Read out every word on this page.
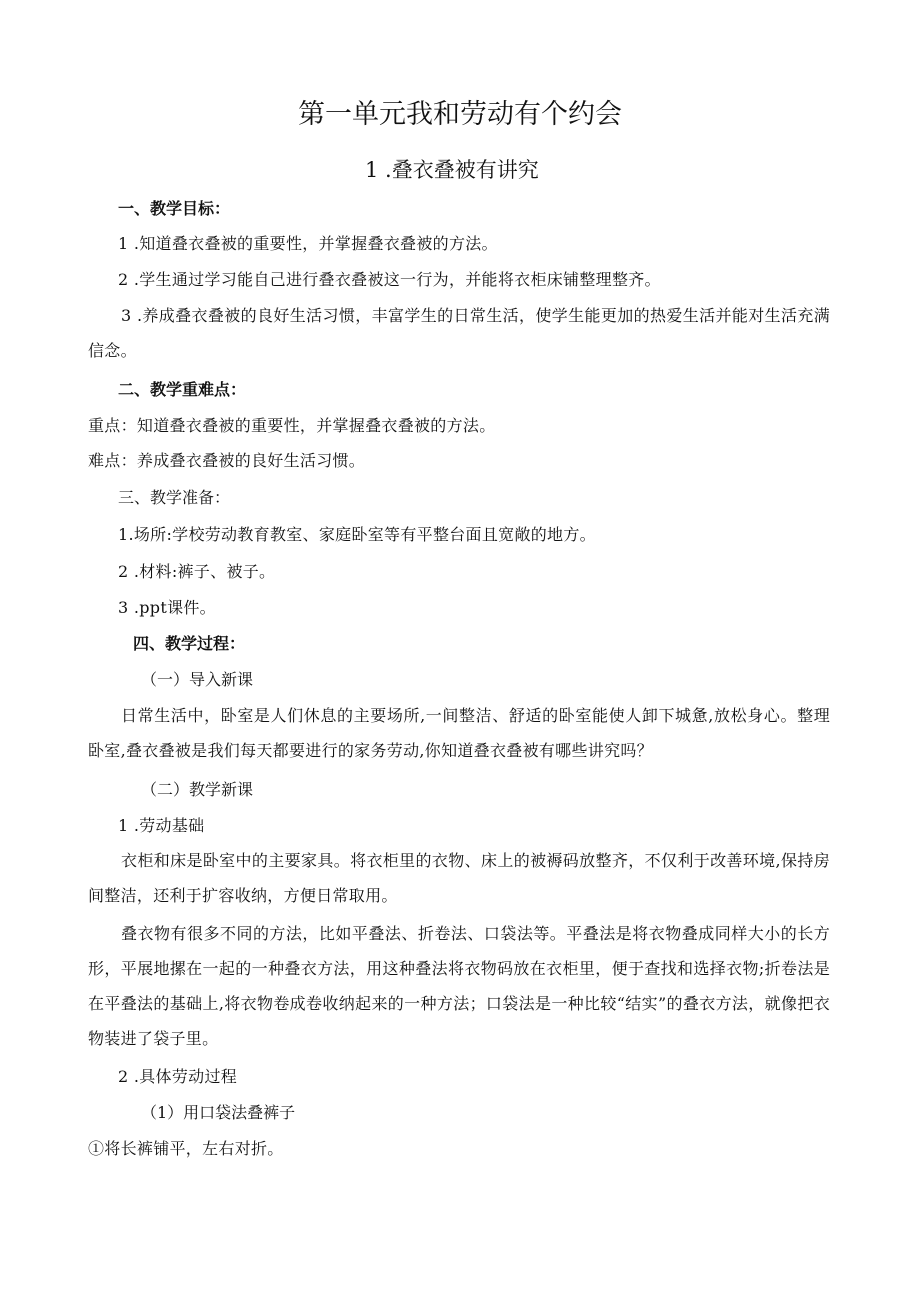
第一单元我和劳动有个约会

1 .叠衣叠被有讲究

一、教学目标：

1 .知道叠衣叠被的重要性，并掌握叠衣叠被的方法。

2 .学生通过学习能自己进行叠衣叠被这一行为，并能将衣柜床铺整理整齐。

3 .养成叠衣叠被的良好生活习惯，丰富学生的日常生活，使学生能更加的热爱生活并能对生活充满信念。

二、教学重难点：

重点：知道叠衣叠被的重要性，并掌握叠衣叠被的方法。

难点：养成叠衣叠被的良好生活习惯。

三、教学准备：

1.场所:学校劳动教育教室、家庭卧室等有平整台面且宽敞的地方。

2 .材料:裤子、被子。

3 .ppt课件。

四、教学过程：

（一）导入新课

日常生活中，卧室是人们休息的主要场所,一间整洁、舒适的卧室能使人卸下城惫,放松身心。整理卧室,叠衣叠被是我们每天都要进行的家务劳动,你知道叠衣叠被有哪些讲究吗？

（二）教学新课

1 .劳动基础

衣柜和床是卧室中的主要家具。将衣柜里的衣物、床上的被褥码放整齐，不仅利于改善环境,保持房间整洁，还利于扩容收纳，方便日常取用。

叠衣物有很多不同的方法，比如平叠法、折卷法、口袋法等。平叠法是将衣物叠成同样大小的长方形，平展地摞在一起的一种叠衣方法，用这种叠法将衣物码放在衣柜里，便于查找和选择衣物;折卷法是在平叠法的基础上,将衣物卷成卷收纳起来的一种方法；口袋法是一种比较“结实”的叠衣方法，就像把衣物装进了袋子里。

2 .具体劳动过程

（1）用口袋法叠裤子

①将长裤铺平，左右对折。
